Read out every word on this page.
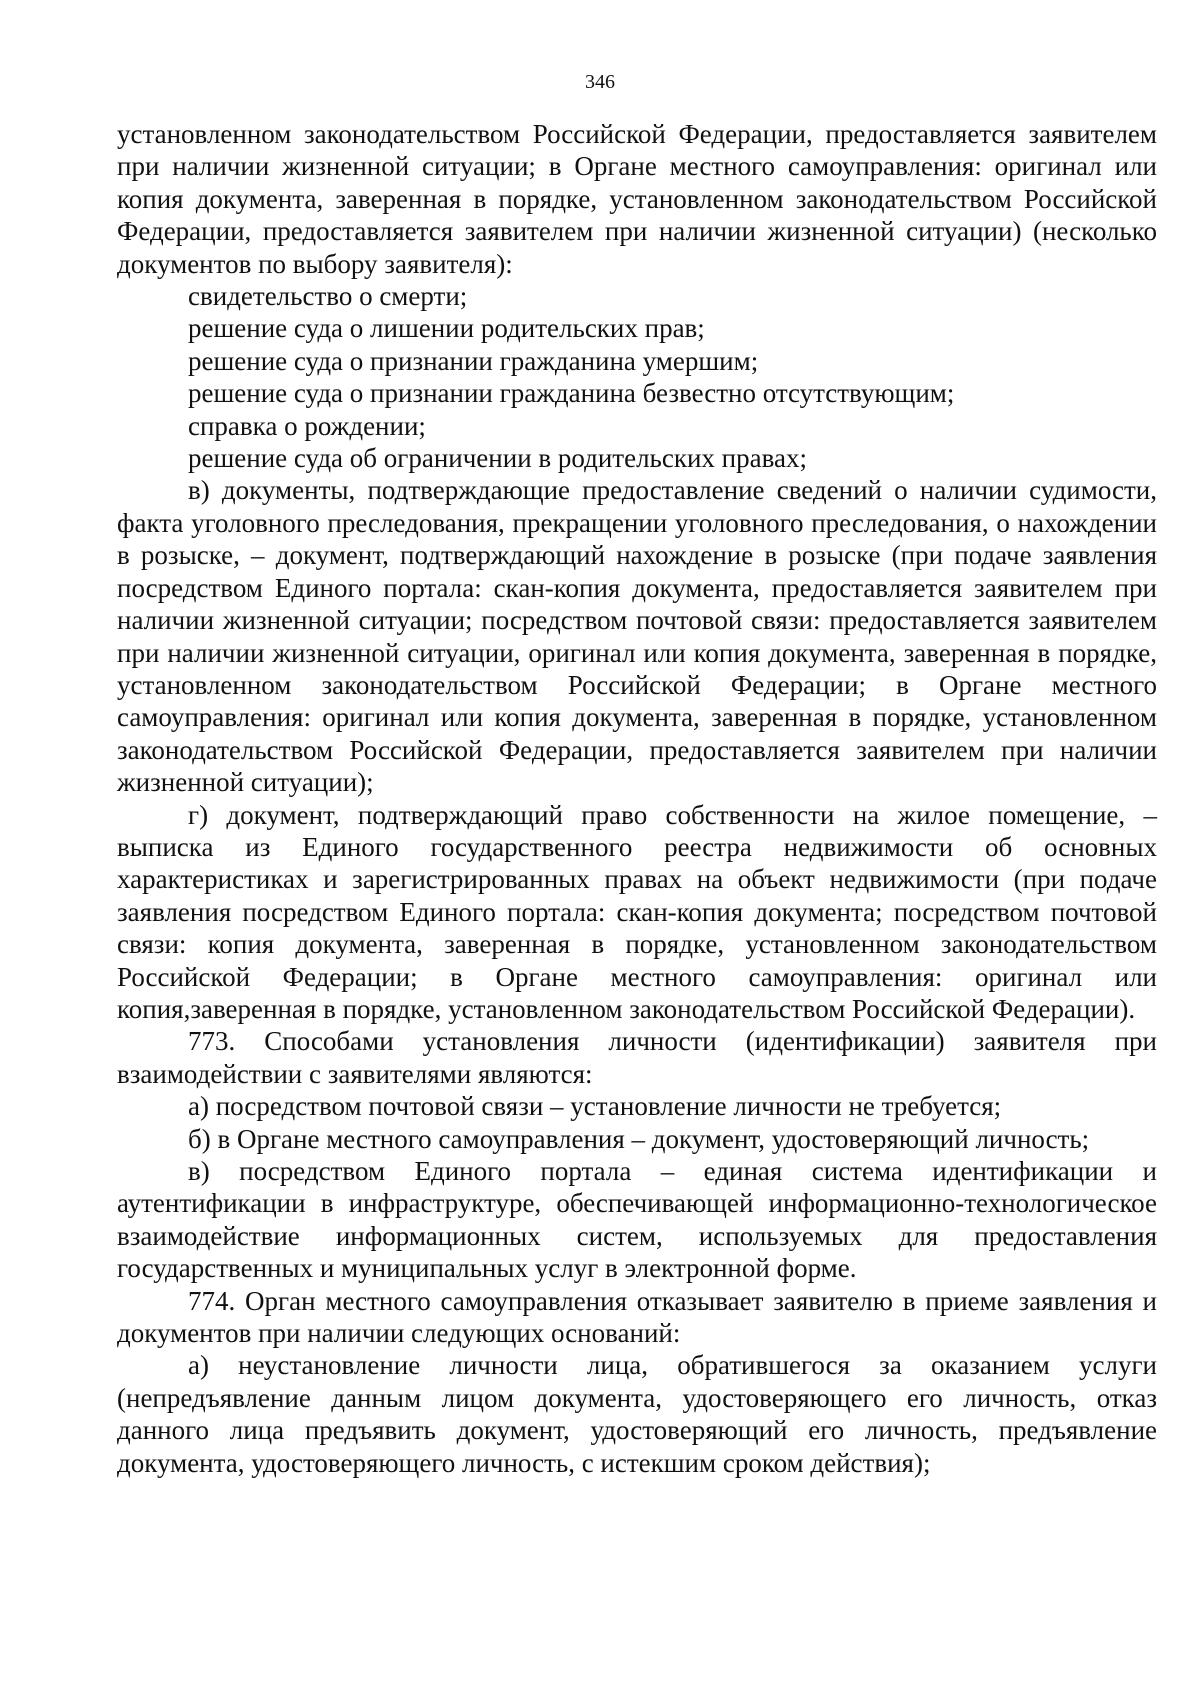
346

установленном законодательством Российской Федерации, предоставляется заявителем при наличии жизненной ситуации; в Органе местного самоуправления: оригинал или копия документа, заверенная в порядке, установленном законодательством Российской Федерации, предоставляется заявителем при наличии жизненной ситуации) (несколько документов по выбору заявителя):

свидетельство о смерти;

решение суда о лишении родительских прав;

решение суда о признании гражданина умершим;

решение суда о признании гражданина безвестно отсутствующим;

справка о рождении;

решение суда об ограничении в родительских правах;

в) документы, подтверждающие предоставление сведений о наличии судимости, факта уголовного преследования, прекращении уголовного преследования, о нахождении в розыске, – документ, подтверждающий нахождение в розыске (при подаче заявления посредством Единого портала: скан-копия документа, предоставляется заявителем при наличии жизненной ситуации; посредством почтовой связи: предоставляется заявителем при наличии жизненной ситуации, оригинал или копия документа, заверенная в порядке, установленном законодательством Российской Федерации; в Органе местного самоуправления: оригинал или копия документа, заверенная в порядке, установленном законодательством Российской Федерации, предоставляется заявителем при наличии жизненной ситуации);

г) документ, подтверждающий право собственности на жилое помещение, – выписка из Единого государственного реестра недвижимости об основных характеристиках и зарегистрированных правах на объект недвижимости (при подаче заявления посредством Единого портала: скан-копия документа; посредством почтовой связи: копия документа, заверенная в порядке, установленном законодательством Российской Федерации; в Органе местного самоуправления: оригинал или копия,заверенная в порядке, установленном законодательством Российской Федерации).

773. Способами установления личности (идентификации) заявителя при взаимодействии с заявителями являются:

а) посредством почтовой связи – установление личности не требуется;

б) в Органе местного самоуправления – документ, удостоверяющий личность;

в) посредством Единого портала – единая система идентификации и аутентификации в инфраструктуре, обеспечивающей информационно-технологическое взаимодействие информационных систем, используемых для предоставления государственных и муниципальных услуг в электронной форме.

774. Орган местного самоуправления отказывает заявителю в приеме заявления и документов при наличии следующих оснований:

а) неустановление личности лица, обратившегося за оказанием услуги (непредъявление данным лицом документа, удостоверяющего его личность, отказ данного лица предъявить документ, удостоверяющий его личность, предъявление документа, удостоверяющего личность, с истекшим сроком действия);
